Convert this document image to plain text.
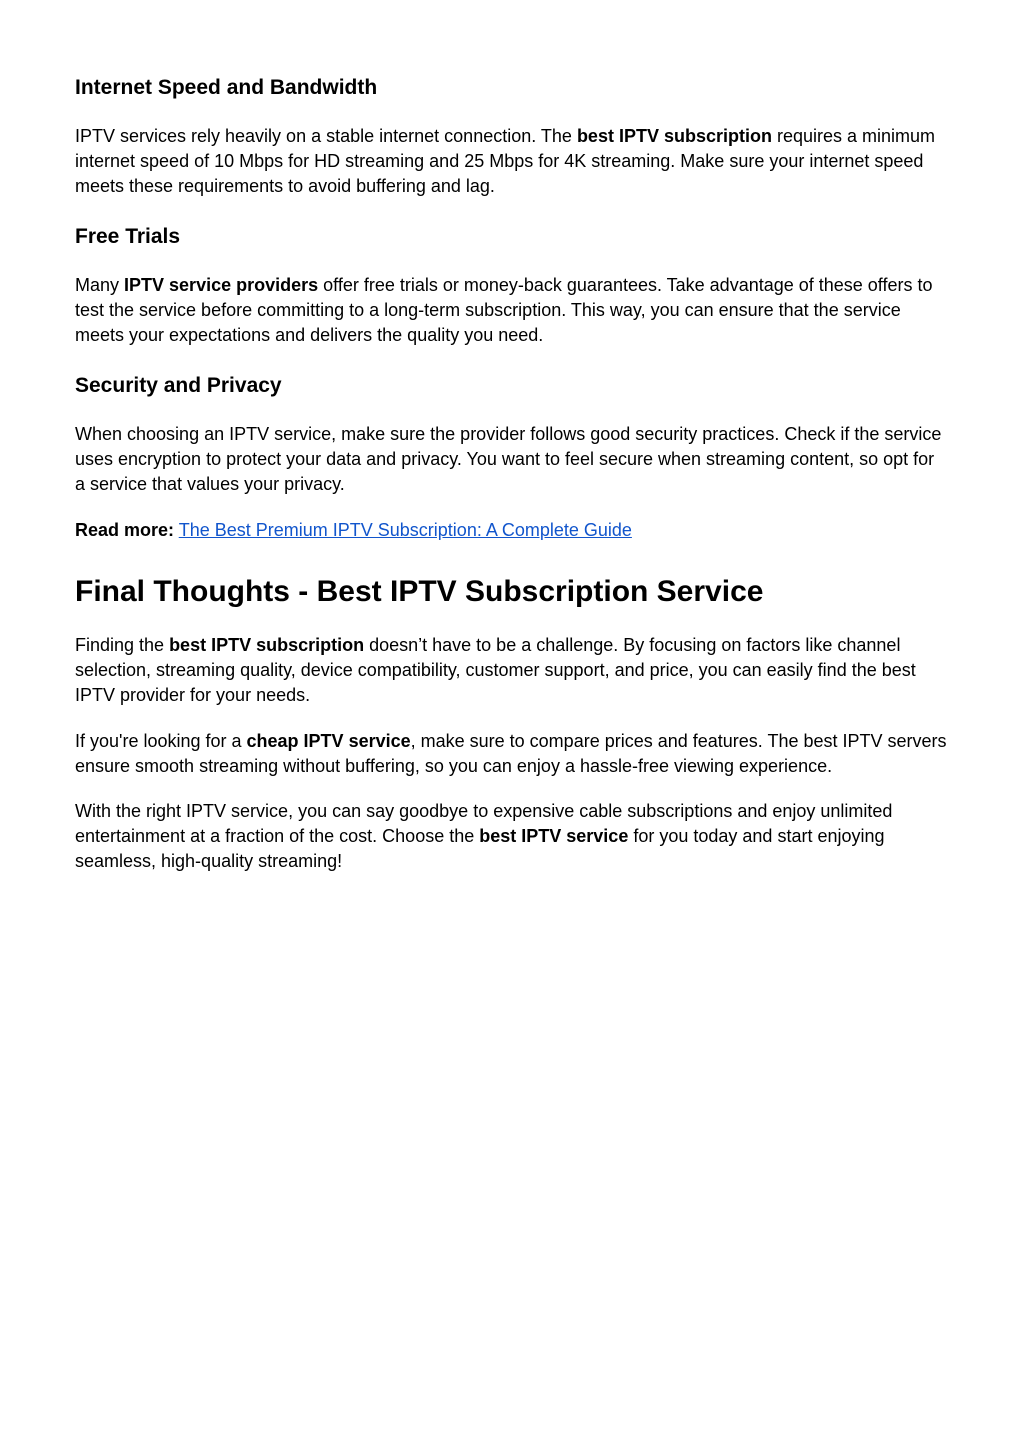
Internet Speed and Bandwidth

IPTV services rely heavily on a stable internet connection. The best IPTV subscription requires a minimum internet speed of 10 Mbps for HD streaming and 25 Mbps for 4K streaming. Make sure your internet speed meets these requirements to avoid buffering and lag.

Free Trials

Many IPTV service providers offer free trials or money-back guarantees. Take advantage of these offers to test the service before committing to a long-term subscription. This way, you can ensure that the service meets your expectations and delivers the quality you need.

Security and Privacy

When choosing an IPTV service, make sure the provider follows good security practices. Check if the service uses encryption to protect your data and privacy. You want to feel secure when streaming content, so opt for a service that values your privacy.

Read more: The Best Premium IPTV Subscription: A Complete Guide

Final Thoughts - Best IPTV Subscription Service

Finding the best IPTV subscription doesn’t have to be a challenge. By focusing on factors like channel selection, streaming quality, device compatibility, customer support, and price, you can easily find the best IPTV provider for your needs.

If you're looking for a cheap IPTV service, make sure to compare prices and features. The best IPTV servers ensure smooth streaming without buffering, so you can enjoy a hassle-free viewing experience.

With the right IPTV service, you can say goodbye to expensive cable subscriptions and enjoy unlimited entertainment at a fraction of the cost. Choose the best IPTV service for you today and start enjoying seamless, high-quality streaming!
